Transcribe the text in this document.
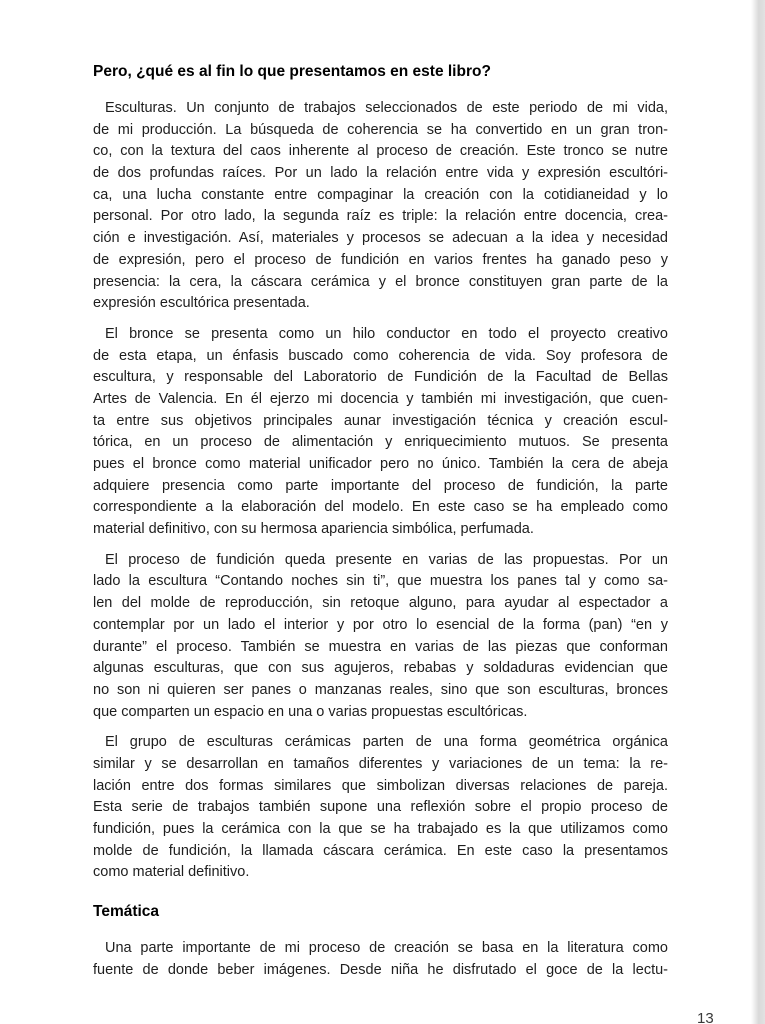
Pero, ¿qué es al fin lo que presentamos en este libro?
Esculturas. Un conjunto de trabajos seleccionados de este periodo de mi vida,
de mi producción. La búsqueda de coherencia se ha convertido en un gran tron-
co, con la textura del caos inherente al proceso de creación. Este tronco se nutre
de dos profundas raíces. Por un lado la relación entre vida y expresión escultóri-
ca, una lucha constante entre compaginar la creación con la cotidianeidad y lo
personal. Por otro lado, la segunda raíz es triple: la relación entre docencia, crea-
ción e investigación. Así, materiales y procesos se adecuan a la idea y necesidad
de expresión, pero el proceso de fundición en varios frentes ha ganado peso y
presencia: la cera, la cáscara cerámica y el bronce constituyen gran parte de la
expresión escultórica presentada.
El bronce se presenta como un hilo conductor en todo el proyecto creativo
de esta etapa, un énfasis buscado como coherencia de vida. Soy profesora de
escultura, y responsable del Laboratorio de Fundición de la Facultad de Bellas
Artes de Valencia. En él ejerzo mi docencia y también mi investigación, que cuen-
ta entre sus objetivos principales aunar investigación técnica y creación escul-
tórica, en un proceso de alimentación y enriquecimiento mutuos. Se presenta
pues el bronce como material unificador pero no único. También la cera de abeja
adquiere presencia como parte importante del proceso de fundición, la parte
correspondiente a la elaboración del modelo. En este caso se ha empleado como
material definitivo, con su hermosa apariencia simbólica, perfumada.
El proceso de fundición queda presente en varias de las propuestas. Por un
lado la escultura “Contando noches sin ti”, que muestra los panes tal y como sa-
len del molde de reproducción, sin retoque alguno, para ayudar al espectador a
contemplar por un lado el interior y por otro lo esencial de la forma (pan) “en y
durante” el proceso. También se muestra en varias de las piezas que conforman
algunas esculturas, que con sus agujeros, rebabas y soldaduras evidencian que
no son ni quieren ser panes o manzanas reales, sino que son esculturas, bronces
que comparten un espacio en una o varias propuestas escultóricas.
El grupo de esculturas cerámicas parten de una forma geométrica orgánica
similar y se desarrollan en tamaños diferentes y variaciones de un tema: la re-
lación entre dos formas similares que simbolizan diversas relaciones de pareja.
Esta serie de trabajos también supone una reflexión sobre el propio proceso de
fundición, pues la cerámica con la que se ha trabajado es la que utilizamos como
molde de fundición, la llamada cáscara cerámica. En este caso la presentamos
como material definitivo.
Temática
Una parte importante de mi proceso de creación se basa en la literatura como
fuente de donde beber imágenes. Desde niña he disfrutado el goce de la lectu-
13
